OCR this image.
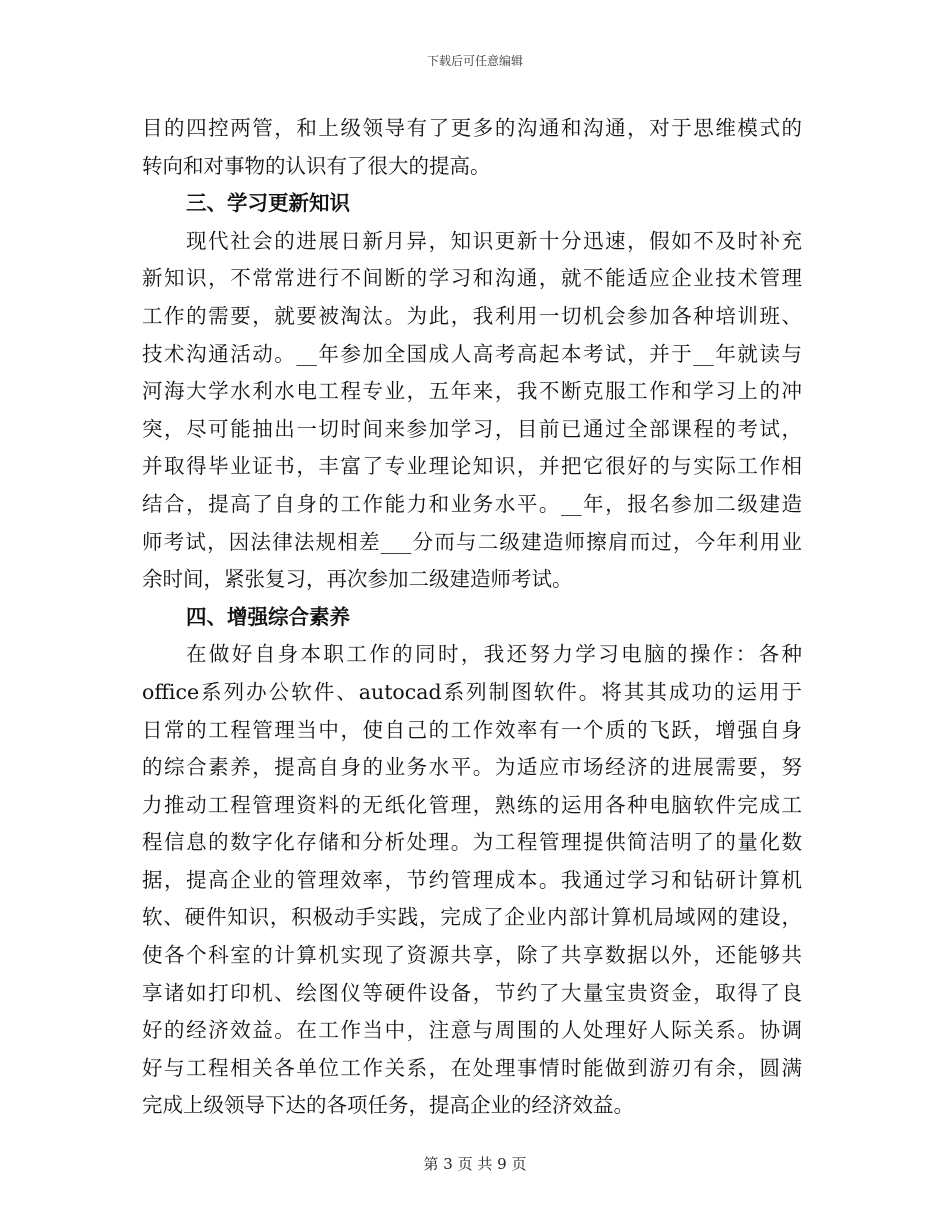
下载后可任意编辑
目的四控两管，和上级领导有了更多的沟通和沟通，对于思维模式的
转向和对事物的认识有了很大的提高。
三、学习更新知识
现代社会的进展日新月异，知识更新十分迅速，假如不及时补充
新知识，不常常进行不间断的学习和沟通，就不能适应企业技术管理
工作的需要，就要被淘汰。为此，我利用一切机会参加各种培训班、
技术沟通活动。__年参加全国成人高考高起本考试，并于__年就读与
河海大学水利水电工程专业，五年来，我不断克服工作和学习上的冲
突，尽可能抽出一切时间来参加学习，目前已通过全部课程的考试，
并取得毕业证书，丰富了专业理论知识，并把它很好的与实际工作相
结合，提高了自身的工作能力和业务水平。__年，报名参加二级建造
师考试，因法律法规相差___分而与二级建造师擦肩而过，今年利用业
余时间，紧张复习，再次参加二级建造师考试。
四、增强综合素养
在做好自身本职工作的同时，我还努力学习电脑的操作：各种
office系列办公软件、autocad系列制图软件。将其其成功的运用于
日常的工程管理当中，使自己的工作效率有一个质的飞跃，增强自身
的综合素养，提高自身的业务水平。为适应市场经济的进展需要，努
力推动工程管理资料的无纸化管理，熟练的运用各种电脑软件完成工
程信息的数字化存储和分析处理。为工程管理提供简洁明了的量化数
据，提高企业的管理效率，节约管理成本。我通过学习和钻研计算机
软、硬件知识，积极动手实践，完成了企业内部计算机局域网的建设，
使各个科室的计算机实现了资源共享，除了共享数据以外，还能够共
享诸如打印机、绘图仪等硬件设备，节约了大量宝贵资金，取得了良
好的经济效益。在工作当中，注意与周围的人处理好人际关系。协调
好与工程相关各单位工作关系，在处理事情时能做到游刃有余，圆满
完成上级领导下达的各项任务，提高企业的经济效益。
第 3 页 共 9 页
